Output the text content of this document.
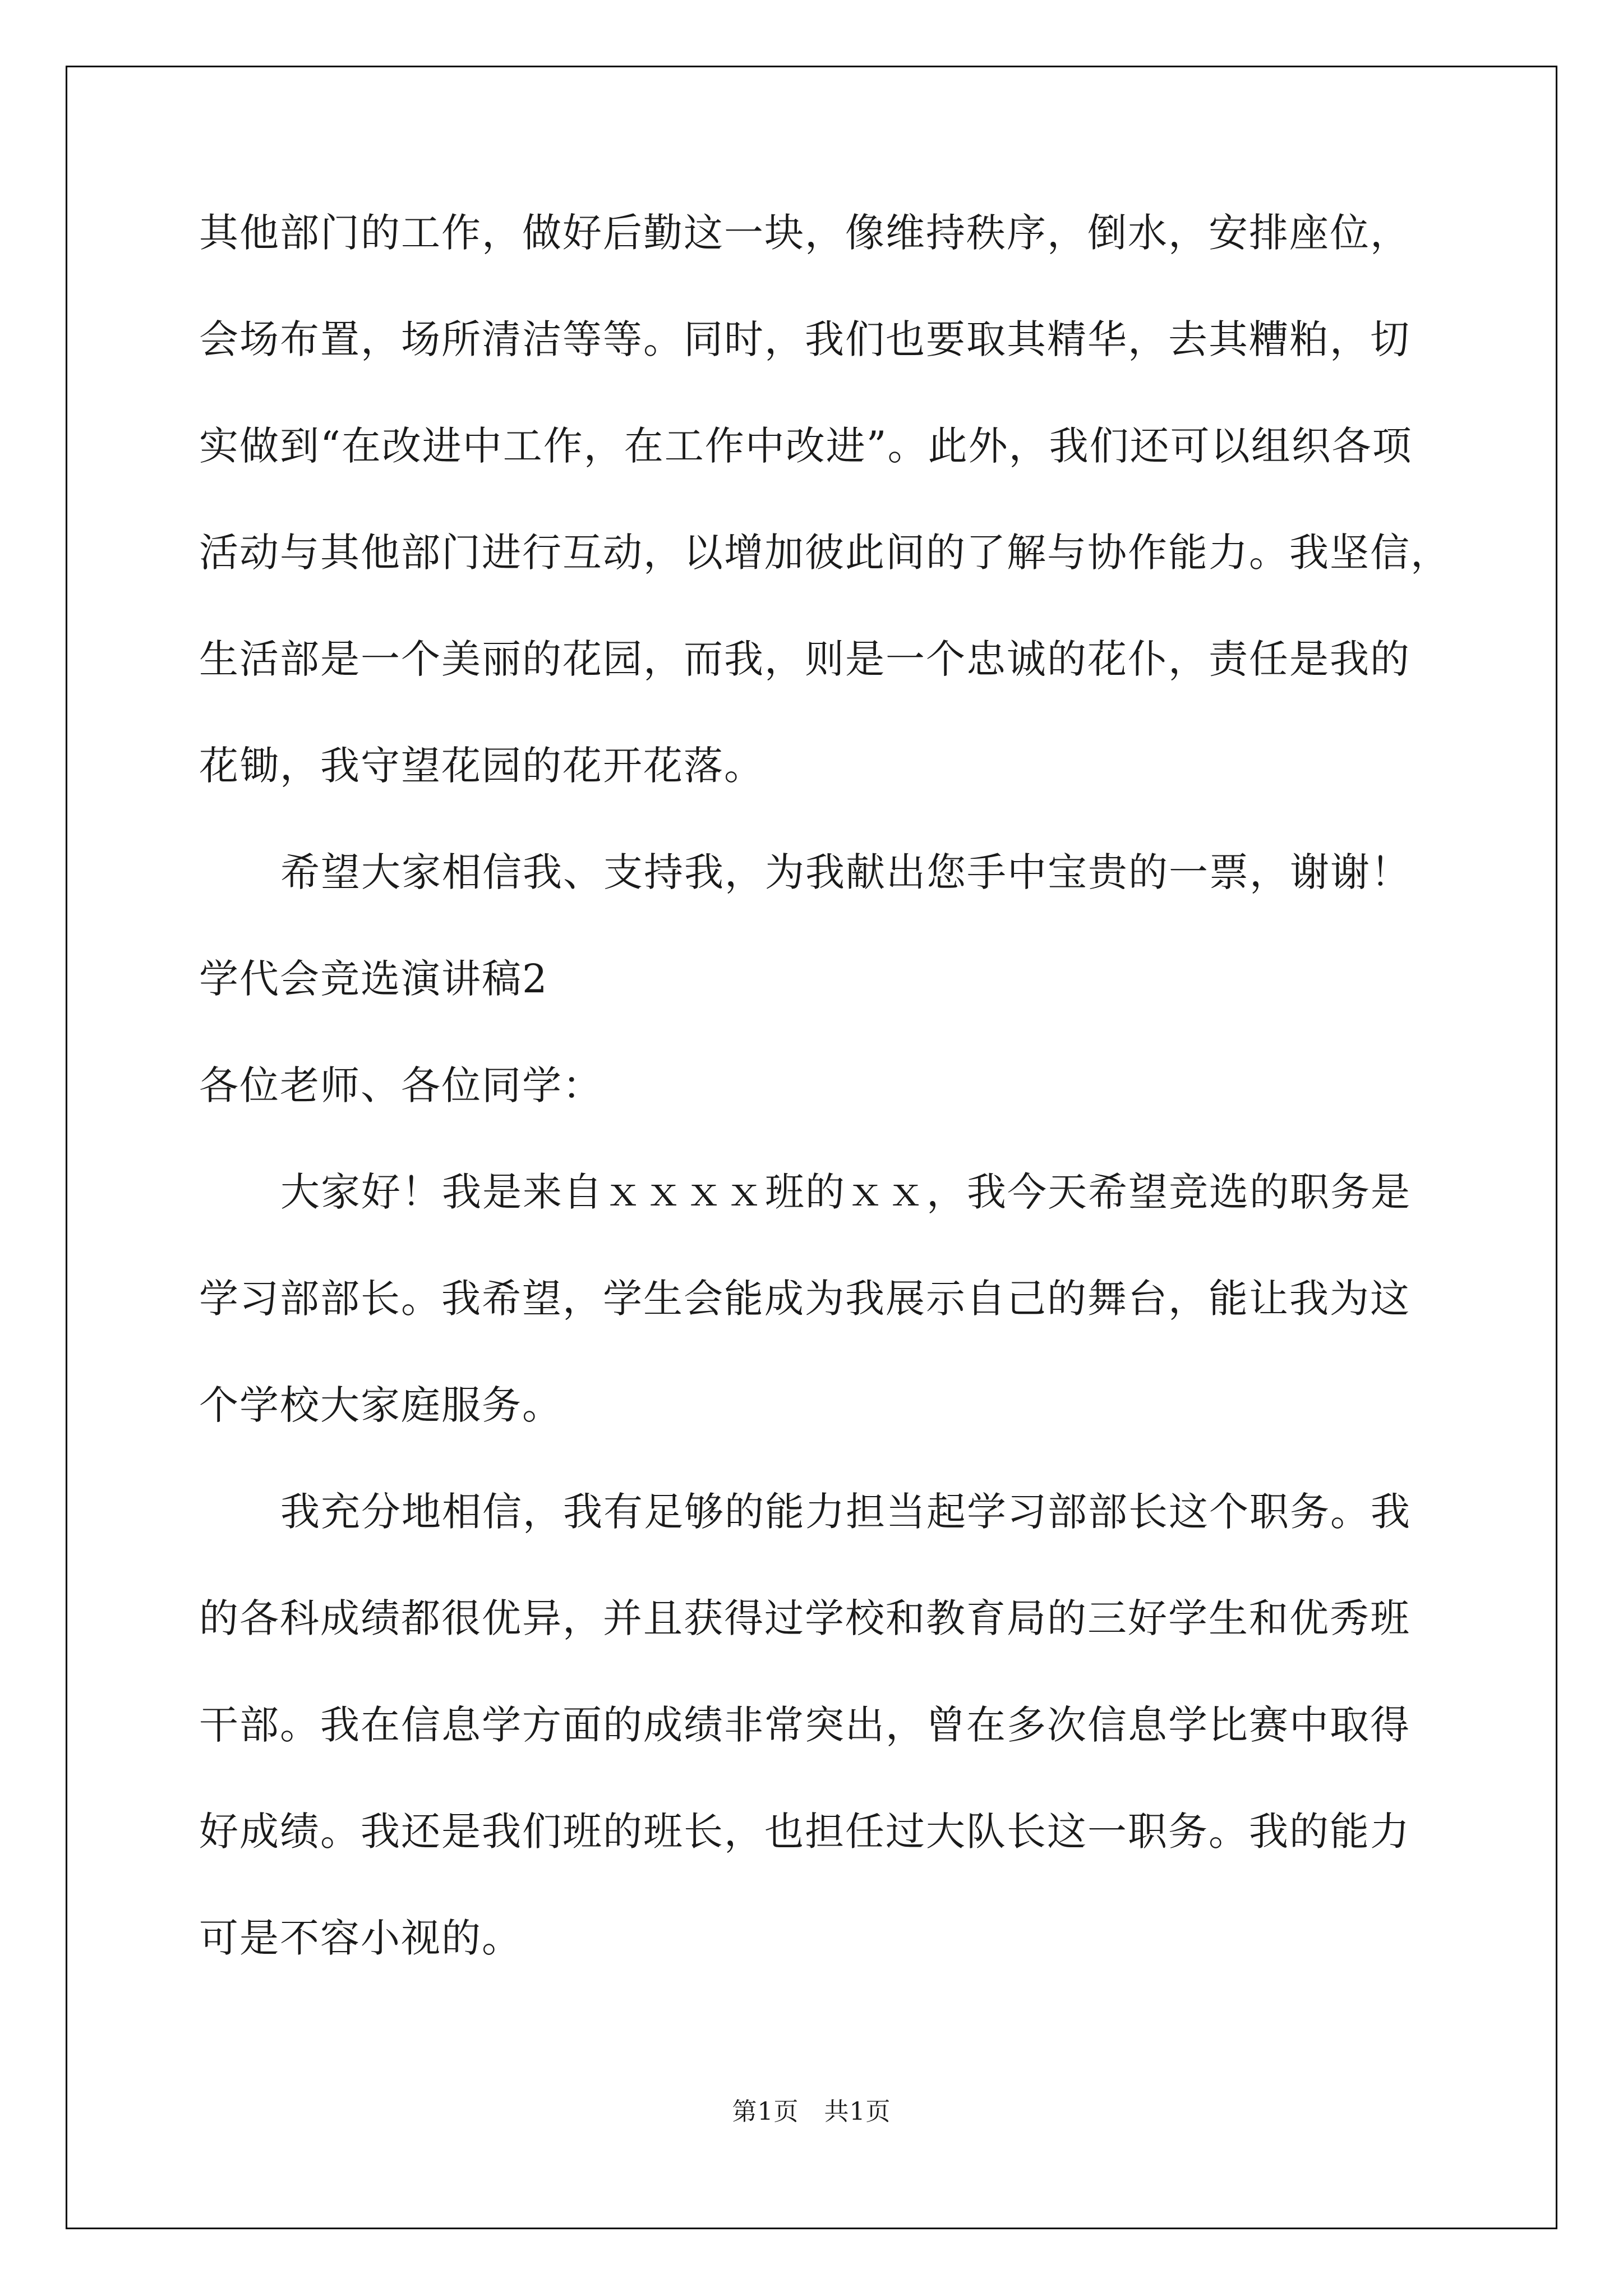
其他部门的工作，做好后勤这一块，像维持秩序，倒水，安排座位，
会场布置，场所清洁等等。同时，我们也要取其精华，去其糟粕，切
实做到“在改进中工作，在工作中改进”。此外，我们还可以组织各项
活动与其他部门进行互动，以增加彼此间的了解与协作能力。我坚信，
生活部是一个美丽的花园，而我，则是一个忠诚的花仆，责任是我的
花锄，我守望花园的花开花落。
希望大家相信我、支持我，为我献出您手中宝贵的一票，谢谢！
学代会竞选演讲稿2
各位老师、各位同学：
大家好！我是来自ｘｘｘｘ班的ｘｘ，我今天希望竞选的职务是
学习部部长。我希望，学生会能成为我展示自己的舞台，能让我为这
个学校大家庭服务。
我充分地相信，我有足够的能力担当起学习部部长这个职务。我
的各科成绩都很优异，并且获得过学校和教育局的三好学生和优秀班
干部。我在信息学方面的成绩非常突出，曾在多次信息学比赛中取得
好成绩。我还是我们班的班长，也担任过大队长这一职务。我的能力
可是不容小视的。
第1页　共1页
